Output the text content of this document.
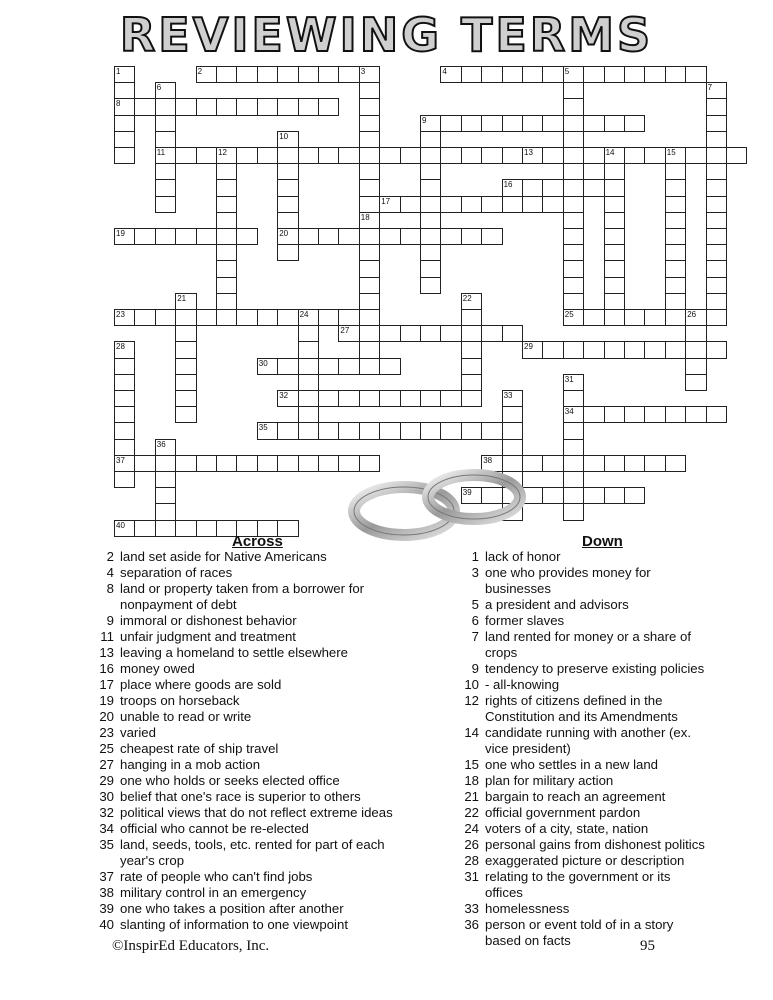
REVIEWING TERMS
1	2	3	4	5
6	7
8
9
10
11	12	13	14	15
16
17
18
19	20
21	22
23	24	25	26
27
28	29
30
31
32	33
34
35
36
37	38
39
40
Across	Down
2 land set aside for Native Americans
4 separation of races
8 land or property taken from a borrower for
nonpayment of debt
9 immoral or dishonest behavior
11 unfair judgment and treatment
13 leaving a homeland to settle elsewhere
16 money owed
17 place where goods are sold
19 troops on horseback
20 unable to read or write
23 varied
25 cheapest rate of ship travel
27 hanging in a mob action
29 one who holds or seeks elected office
30 belief that one's race is superior to others
32 political views that do not reflect extreme ideas
34 official who cannot be re-elected
35 land, seeds, tools, etc. rented for part of each
year's crop
37 rate of people who can't find jobs
38 military control in an emergency
39 one who takes a position after another
40 slanting of information to one viewpoint
1 lack of honor
3 one who provides money for
businesses
5 a president and advisors
6 former slaves
7 land rented for money or a share of
crops
9 tendency to preserve existing policies
10 - all-knowing
12 rights of citizens defined in the
Constitution and its Amendments
14 candidate running with another (ex.
vice president)
15 one who settles in a new land
18 plan for military action
21 bargain to reach an agreement
22 official government pardon
24 voters of a city, state, nation
26 personal gains from dishonest politics
28 exaggerated picture or description
31 relating to the government or its
offices
33 homelessness
36 person or event told of in a story
based on facts
©InspirEd Educators, Inc.	95
